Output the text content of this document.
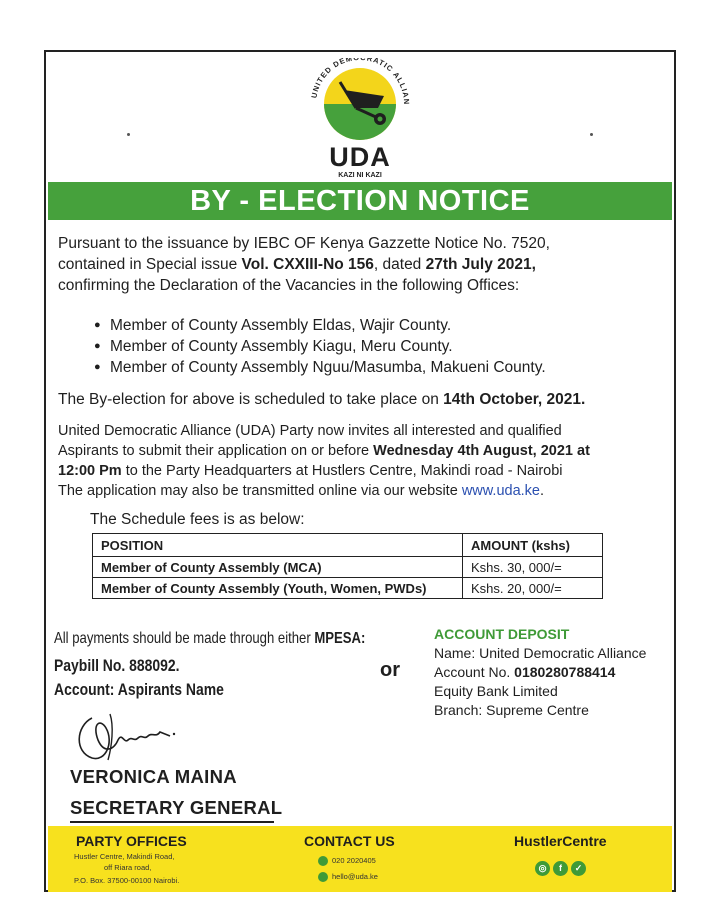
UNITED DEM RATIC ALLIAN
UDA
KAZI NI KAZI
BY - ELECTION NOTICE
Pursuant to the issuance by IEBC OF Kenya Gazzette Notice No. 7520,
contained in Special issue Vol. CXXIII-No 156, dated 27th July 2021,
confirming the Declaration of the Vacancies in the following Offices:
● Member of County Assembly Eldas, Wajir County.
● Member of County Assembly Kiagu, Meru County.
● Member of County Assembly Nguu/Masumba, Makueni County.
The By-election for above is scheduled to take place on 14th October, 2021.
United Democratic Alliance (UDA) Party now invites all interested and qualified
Aspirants to submit their application on or before Wednesday 4th August, 2021 at
12:00 Pm to the Party Headquarters at Hustlers Centre, Makindi road - Nairobi
The application may also be transmitted online via our website www.uda.ke.
The Schedule fees is as below:
POSITION	AMOUNT (kshs)
Member of County Assembly (MCA)	Kshs. 30, 000/=
Member of County Assembly (Youth, Women, PWDs)	Kshs. 20, 000/=
All payments should be made through either MPESA:
Paybill No. 888092.
Account: Aspirants Name
or
ACCOUNT DEPOSIT
Name: United Democratic Alliance
Account No. 0180280788414
Equity Bank Limited
Branch: Supreme Centre
VERONICA MAINA
SECRETARY GENERAL
PARTY OFFICES
Hustler Centre, Makindi Road,
off Riara road,
P.O. Box. 37500-00100 Nairobi.
CONTACT US
020 2020405
hello@uda.ke
HustlerCentre
◎	f	✓
